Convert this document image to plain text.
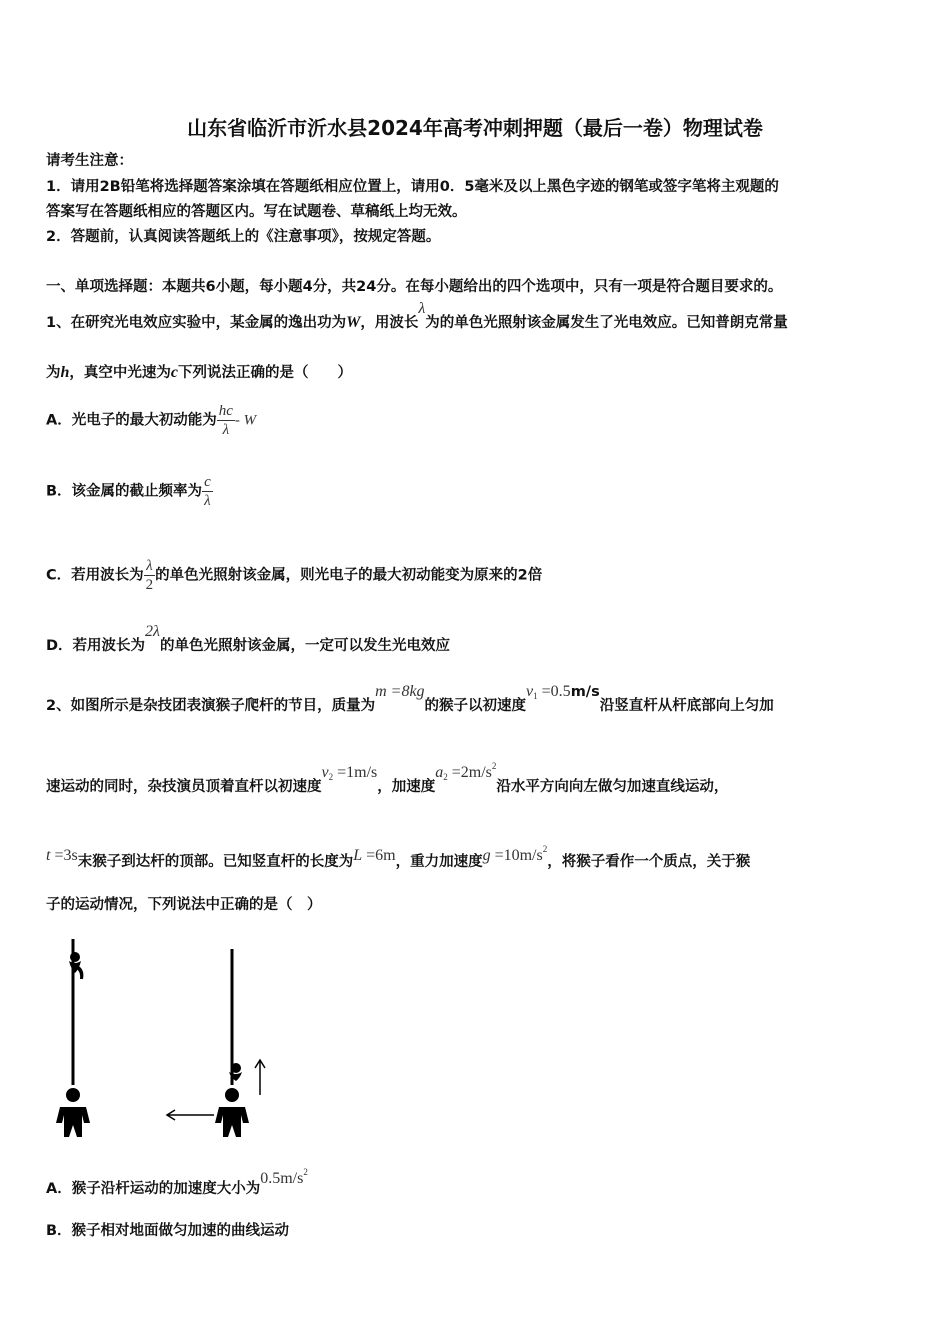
山东省临沂市沂水县2024年高考冲刺押题（最后一卷）物理试卷
请考生注意：
1．请用2B铅笔将选择题答案涂填在答题纸相应位置上，请用0．5毫米及以上黑色字迹的钢笔或签字笔将主观题的
答案写在答题纸相应的答题区内。写在试题卷、草稿纸上均无效。
2．答题前，认真阅读答题纸上的《注意事项》，按规定答题。
一、单项选择题：本题共6小题，每小题4分，共24分。在每小题给出的四个选项中，只有一项是符合题目要求的。
1、在研究光电效应实验中，某金属的逸出功为W，用波长λ为的单色光照射该金属发生了光电效应。已知普朗克常量
为h，真空中光速为c下列说法正确的是（　　）
A．光电子的最大初动能为 $\frac{hc}{\lambda}$ - W
B．该金属的截止频率为 $\frac{c}{\lambda}$
C．若用波长为 $\frac{\lambda}{2}$ 的单色光照射该金属，则光电子的最大初动能变为原来的2倍
D．若用波长为2λ的单色光照射该金属，一定可以发生光电效应
2、如图所示是杂技团表演猴子爬杆的节目，质量为m =8kg的猴子以初速度$v_1 =0.5m/s$沿竖直杆从杆底部向上匀加
速运动的同时，杂技演员顶着直杆以初速度$v_2 =1m/s$，加速度$a_2 =2m/s^2$沿水平方向向左做匀加速直线运动，
t =3s末猴子到达杆的顶部。已知竖直杆的长度为L =6m，重力加速度$g =10m/s^2$，将猴子看作一个质点，关于猴
子的运动情况，下列说法中正确的是（　）
A．猴子沿杆运动的加速度大小为$0.5m/s^2$
B．猴子相对地面做匀加速的曲线运动
